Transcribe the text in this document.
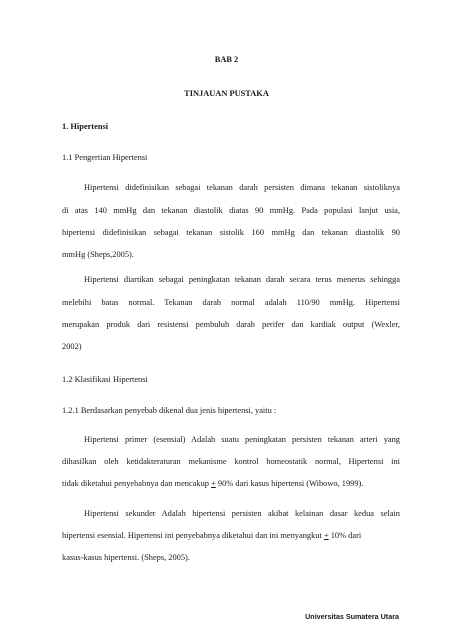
BAB 2
TINJAUAN PUSTAKA
1. Hipertensi
1.1 Pengertian Hipertensi
Hipertensi didefinisikan sebagai tekanan darah persisten dimana tekanan sistoliknya
di atas 140 mmHg dan tekanan diastolik diatas 90 mmHg. Pada populasi lanjut usia,
hipertensi didefinisikan sebagai tekanan sistolik 160 mmHg dan tekanan diastolik 90
mmHg (Sheps,2005).
Hipertensi diartikan sebagai peningkatan tekanan darah secara terus menerus sehingga
melebihi batas normal. Tekanan darah normal adalah 110/90 mmHg. Hipertensi
merupakan produk dari resistensi pembuluh darah perifer dan kardiak output (Wexler,
2002)
1.2 Klasifikasi Hipertensi
1.2.1 Berdasarkan penyebab dikenal dua jenis hipertensi, yaitu :
Hipertensi primer (esensial) Adalah suatu peningkatan persisten tekanan arteri yang
dihasilkan oleh ketidakteraturan mekanisme kontrol homeostatik normal, Hipertensi ini
tidak diketahui penyebabnya dan mencakup + 90% dari kasus hipertensi (Wibowo, 1999).
Hipertensi sekunder Adalah hipertensi persisten akibat kelainan dasar kedua selain
hipertensi esensial. Hipertensi ini penyebabnya diketahui dan ini menyangkut + 10% dari
kasus-kasus hipertensi. (Sheps, 2005).
Universitas Sumatera Utara
